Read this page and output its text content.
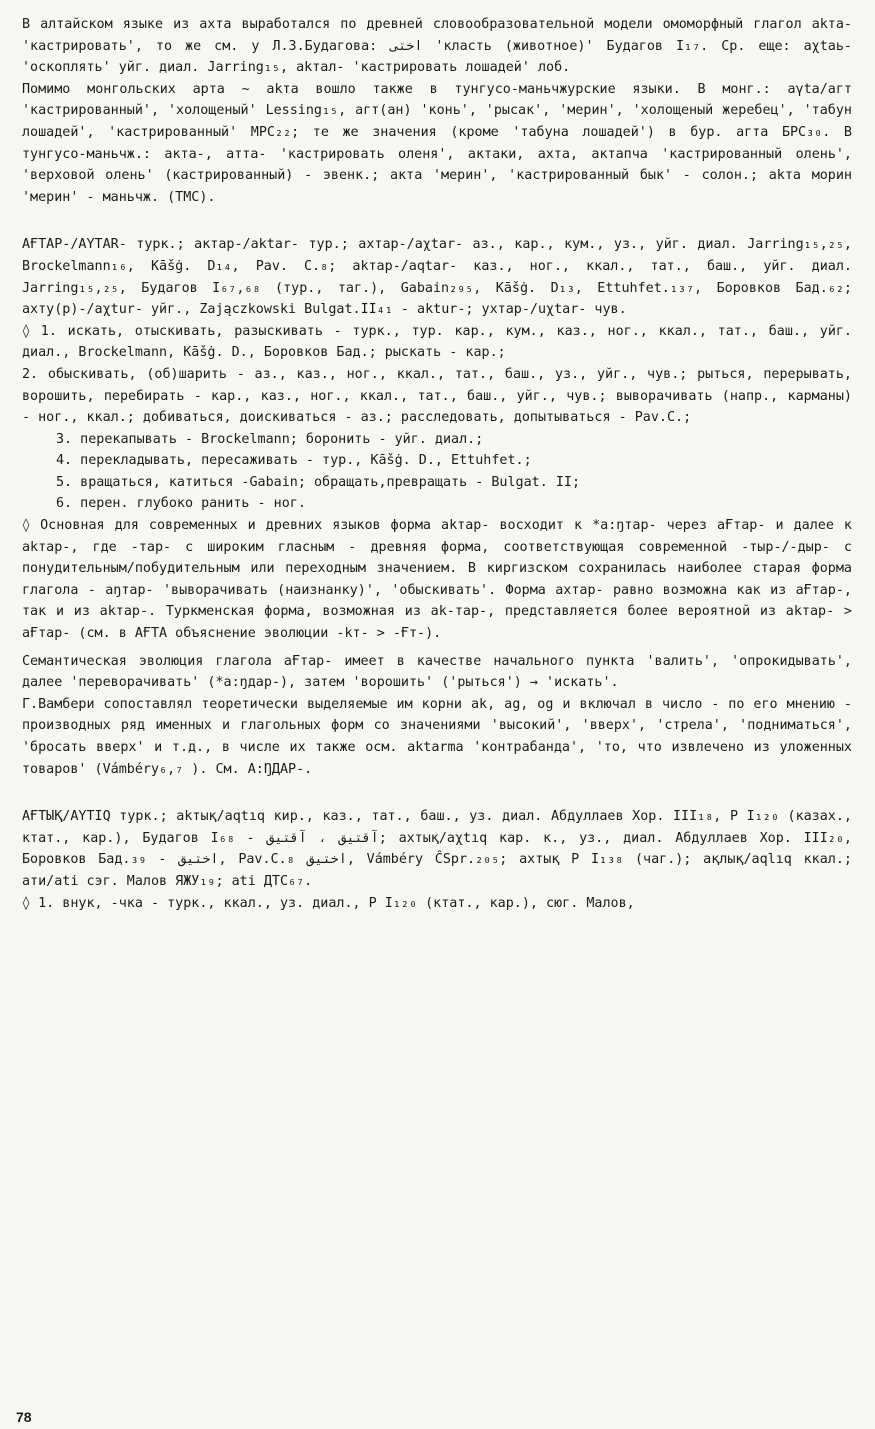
В алтайском языке из ахта выработался по древней словообразовательной модели омоморфный глагол аkта- 'кастрировать', то же см. у Л.З.Будагова: اختى 'класть (животное)' Будагов I₁₇. Ср. еще: аχtaь- 'оскоплять' уйг. диал. Jarring₁₅, аkтал- 'кастрировать лошадей' лоб.

Помимо монгольских арта ~ аkта вошло также в тунгусо-маньчжурские языки. В монг.: аγta/агт 'кастрированный', 'холощеный' Lessing₁₅, агт(ан) 'конь', 'рысак', 'мерин', 'холощеный жеребец', 'табун лошадей', 'кастрированный' МРС₂₂; те же значения (кроме 'табуна лошадей') в бур. агта БРС₃₀. В тунгусо-маньчж.: акта-, атта- 'кастрировать оленя', актаки, ахта, актапча 'кастрированный олень', 'верховой олень' (кастрированный) - эвенк.; акта 'мерин', 'кастрированный бык' - солон.; аkта морин 'мерин' - маньчж. (ТМС).

АҒТАР-/AYTAR- турк.; актар-/aktar- тур.; ахтар-/aχtar- аз., кар., кум., уз., уйг. диал. Jarring₁₅,₂₅, Brockelmann₁₆, Kāšġ. D₁₄, Pav. C.₈; аkтар-/aqtar- каз., ног., ккал., тат., баш., уйг. диал. Jarring₁₅,₂₅, Будагов I₆₇,₆₈ (тур., таг.), Gabain₂₉₅, Kāšġ. D₁₃, Ettuhfet.₁₃₇, Боровков Бад.₆₂; ахту(р)-/aχtur- уйг., Zajączkowski Bulgat.II₄₁ - аktur-; ухтар-/uχtar- чув.

◊ 1. искать, отыскивать, разыскивать - турк., тур. кар., кум., каз., ног., ккал., тат., баш., уйг. диал., Brockelmann, Kāšġ. D., Боровков Бад.; рыскать - кар.;

2. обыскивать, (об)шарить - аз., каз., ног., ккал., тат., баш., уз., уйг., чув.; рыться, перерывать, ворошить, перебирать - кар., каз., ног., ккал., тат., баш., уйг., чув.; выворачивать (напр., карманы) - ног., ккал.; добиваться, доискиваться - аз.; расследовать, допытываться - Pav.C.;

3. перекапывать - Brockelmann; боронить - уйг. диал.;

4. перекладывать, пересаживать - тур., Kāšġ. D., Ettuhfet.;

5. вращаться, катиться -Gabain; обращать,превращать - Bulgat. II;

6. перен. глубоко ранить - ног.

◊ Основная для современных и древних языков форма аkтар- восходит к *а:ŋтар- через аҒтар- и далее к аkтар-, где -тар- с широким гласным - древняя форма, соответствующая современной -тыр-/-дыр- с понудительным/побудительным или переходным значением. В киргизском сохранилась наиболее старая форма глагола - аŋтар- 'выворачивать (наизнанку)', 'обыскивать'. Форма ахтар- равно возможна как из аҒтар-, так и из аkтар-. Туркменская форма, возможная из аk-тар-, представляется более вероятной из аkтар- > аҒтар- (см. в АҒТА объяснение эволюции -kт- > -Ғт-).

Семантическая эволюция глагола аҒтар- имеет в качестве начального пункта 'валить', 'опрокидывать', далее 'переворачивать' (*а:ŋдар-), затем 'ворошить' ('рыться') → 'искать'.

Г.Вамбери сопоставлял теоретически выделяемые им корни ak, ag, og и включал в число - по его мнению - производных ряд именных и глагольных форм со значениями 'высокий', 'вверх', 'стрела', 'подниматься', 'бросать вверх' и т.д., в числе их также осм. aktarma 'контрабанда', 'то, что извлечено из уложенных товаров' (Vámbéry₆,₇ ). См. А:ŊДАР-.

АҒТЫҚ/AYTIQ турк.; аkтық/aqtıq кир., каз., тат., баш., уз. диал. Абдуллаев Хор. III₁₈, Р I₁₂₀ (казах., ктат., кар.), Будагов I₆₈ - آقتيق ، آقتيق; ахтық/aχtıq кар. к., уз., диал. Абдуллаев Хор. III₂₀, Боровков Бад.₃₉ - اختيق, Pav.C.₈ اختيق, Vámbéry ĈSpr.₂₀₅; ахтық Р I₁₃₈ (чаг.); ақлық/aqlıq ккал.; ати/ati сэг. Малов ЯЖУ₁₉; ati ДТС₆₇.

◊ 1. внук, -чка - турк., ккал., уз. диал., Р I₁₂₀ (ктат., кар.), сюг. Малов,

78
